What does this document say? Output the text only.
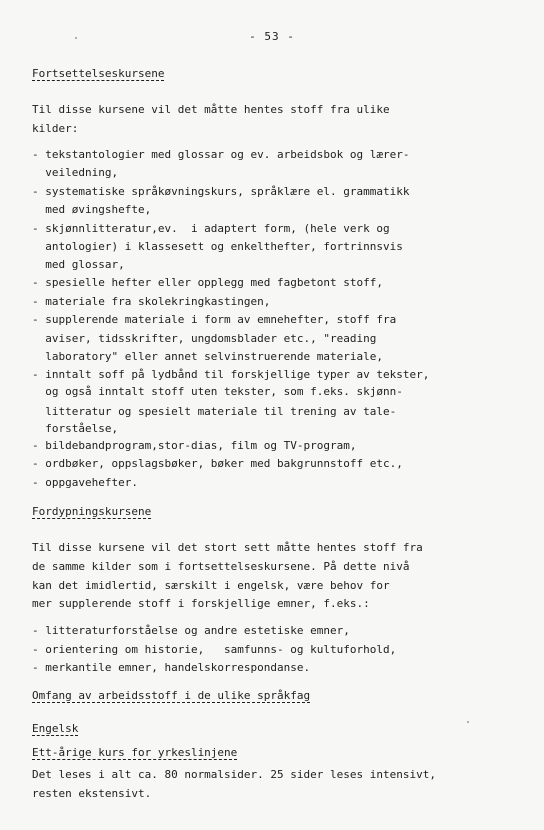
- 53 -
Fortsettelseskursene
Til disse kursene vil det måtte hentes stoff fra ulike
kilder:
- tekstantologier med glossar og ev. arbeidsbok og lærer-
veiledning,
- systematiske språkøvningskurs, språklære el. grammatikk
med øvingshefte,
- skjønnlitteratur,ev.  i adaptert form, (hele verk og
antologier) i klassesett og enkelthefter, fortrinnsvis
med glossar,
- spesielle hefter eller opplegg med fagbetont stoff,
- materiale fra skolekringkastingen,
- supplerende materiale i form av emnehefter, stoff fra
aviser, tidsskrifter, ungdomsblader etc., "reading
laboratory" eller annet selvinstruerende materiale,
- inntalt soff på lydbånd til forskjellige typer av tekster,
og også inntalt stoff uten tekster, som f.eks. skjønn-
litteratur og spesielt materiale til trening av tale-
forståelse,
- bildebandprogram,stor-dias, film og TV-program,
- ordbøker, oppslagsbøker, bøker med bakgrunnstoff etc.,
- oppgavehefter.
Fordypningskursene
Til disse kursene vil det stort sett måtte hentes stoff fra
de samme kilder som i fortsettelseskursene. På dette nivå
kan det imidlertid, særskilt i engelsk, være behov for
mer supplerende stoff i forskjellige emner, f.eks.:
- litteraturforståelse og andre estetiske emner,
- orientering om historie,   samfunns- og kultuforhold,
- merkantile emner, handelskorrespondanse.
Omfang av arbeidsstoff i de ulike språkfag
Engelsk
Ett-årige kurs for yrkeslinjene
Det leses i alt ca. 80 normalsider. 25 sider leses intensivt,
resten ekstensivt.
